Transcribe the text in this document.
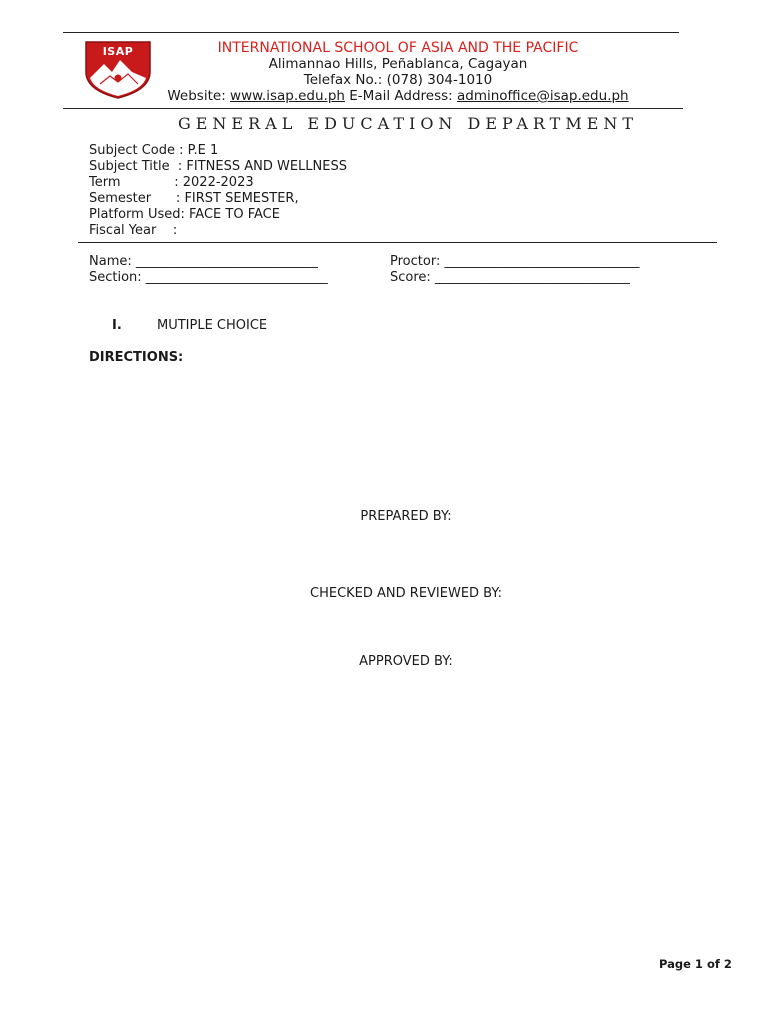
ISAP	INTERNATIONAL SCHOOL OF ASIA AND THE PACIFIC
Alimannao Hills, Peñablanca, Cagayan
Telefax No.: (078) 304-1010
Website: www.isap.edu.ph E-Mail Address: adminoffice@isap.edu.ph
GENERAL EDUCATION DEPARTMENT
Subject Code : P.E 1
Subject Title  : FITNESS AND WELLNESS
Term             : 2022-2023
Semester      : FIRST SEMESTER,
Platform Used: FACE TO FACE
Fiscal Year    :
Name: ____________________________	Proctor: ______________________________
Section: ____________________________	Score: ______________________________
I.	MUTIPLE CHOICE
DIRECTIONS:
PREPARED BY:
CHECKED AND REVIEWED BY:
APPROVED BY:
Page 1 of 2
